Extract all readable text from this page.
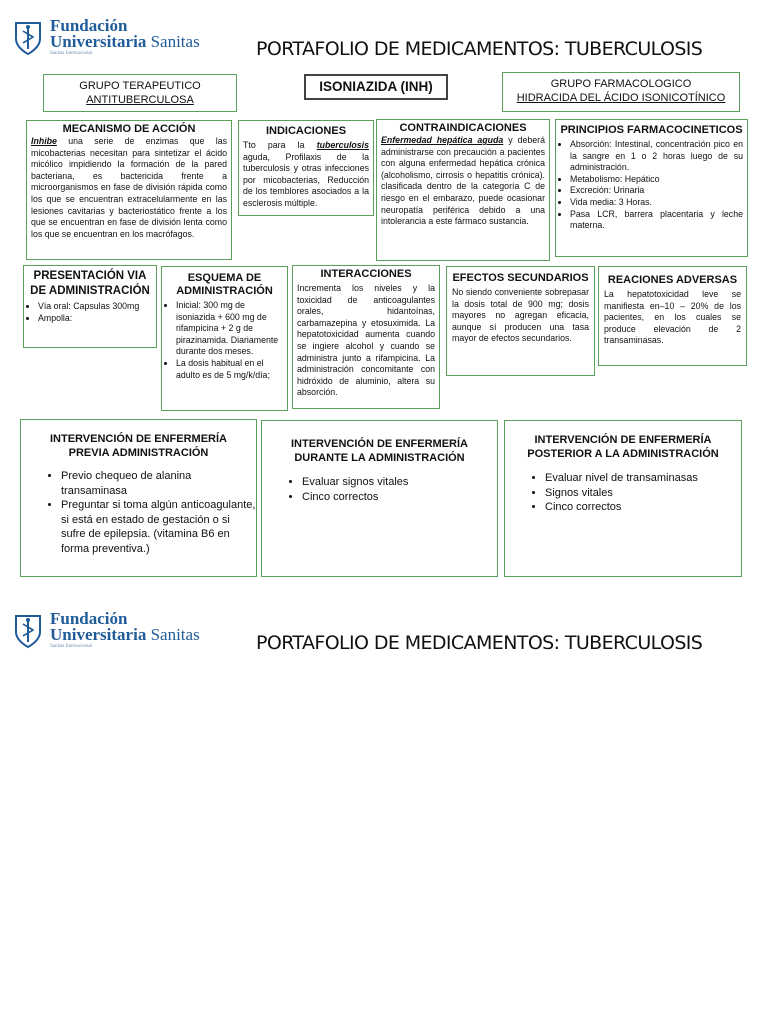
Fundación
Universitaria Sanitas
Sanitas Internacional	PORTAFOLIO DE MEDICAMENTOS: TUBERCULOSIS
GRUPO TERAPEUTICO
ANTITUBERCULOSA
ISONIAZIDA (INH)	GRUPO FARMACOLOGICO
HIDRACIDA DEL ÁCIDO ISONICOTÍNICO
MECANISMO DE ACCIÓN
Inhibe una serie de enzimas que las micobacterias necesitan para sintetizar el ácido micólico impidiendo la formación de la pared bacteriana, es bactericida frente a microorganismos en fase de división rápida como los que se encuentran extracelularmente en las lesiones cavitarias y bacteriostático frente a los que se encuentran en fase de división lenta como los que se encuentran en los macrófagos.
INDICACIONES
Tto para la tuberculosis aguda, Profilaxis de la tuberculosis y otras infecciones por micobacterias, Reducción de los temblores asociados a la esclerosis múltiple.
CONTRAINDICACIONES
Enfermedad hepática aguda y deberá administrarse con precaución a pacientes con alguna enfermedad hepática crónica (alcoholismo, cirrosis o hepatitis crónica). clasificada dentro de la categoría C de riesgo en el embarazo, puede ocasionar neuropatía periférica debido a una intolerancia a este fármaco sustancia.
PRINCIPIOS FARMACOCINETICOS
• Absorción: Intestinal, concentración pico en la sangre en 1 o 2 horas luego de su administración.
• Metabolismo: Hepático
• Excreción: Urinaria
• Vida media: 3 Horas.
• Pasa LCR, barrera placentaria y leche materna.
PRESENTACIÓN VIA DE ADMINISTRACIÓN
• Vía oral: Capsulas 300mg
• Ampolla:
ESQUEMA DE ADMINISTRACIÓN
• Inicial: 300 mg de isoniazida + 600 mg de rifampicina + 2 g de pirazinamida. Diariamente durante dos meses.
• La dosis habitual en el adulto es de 5 mg/k/día;
INTERACCIONES
Incrementa los niveles y la toxicidad de anticoagulantes orales, hidantoínas, carbamazepina y etosuximida. La hepatotoxicidad aumenta cuando se ingiere alcohol y cuando se administra junto a rifampicina. La administración concomitante con hidróxido de aluminio, altera su absorción.
EFECTOS SECUNDARIOS
No siendo conveniente sobrepasar la dosis total de 900 mg; dosis mayores no agregan eficacia, aunque sí producen una tasa mayor de efectos secundarios.
REACIONES ADVERSAS
La hepatotoxicidad leve se manifiesta en–10 – 20% de los pacientes, en los cuales se produce elevación de 2 transaminasas.
INTERVENCIÓN DE ENFERMERÍA PREVIA ADMINISTRACIÓN
• Previo chequeo de alanina transaminasa
• Preguntar si toma algún anticoagulante, si está en estado de gestación o si sufre de epilepsia. (vitamina B6 en forma preventiva.)
INTERVENCIÓN DE ENFERMERÍA DURANTE LA ADMINISTRACIÓN
• Evaluar signos vitales
• Cinco correctos
INTERVENCIÓN DE ENFERMERÍA POSTERIOR A LA ADMINISTRACIÓN
• Evaluar nivel de transaminasas
• Signos vitales
• Cinco correctos
Fundación
Universitaria Sanitas
Sanitas Internacional	PORTAFOLIO DE MEDICAMENTOS: TUBERCULOSIS
